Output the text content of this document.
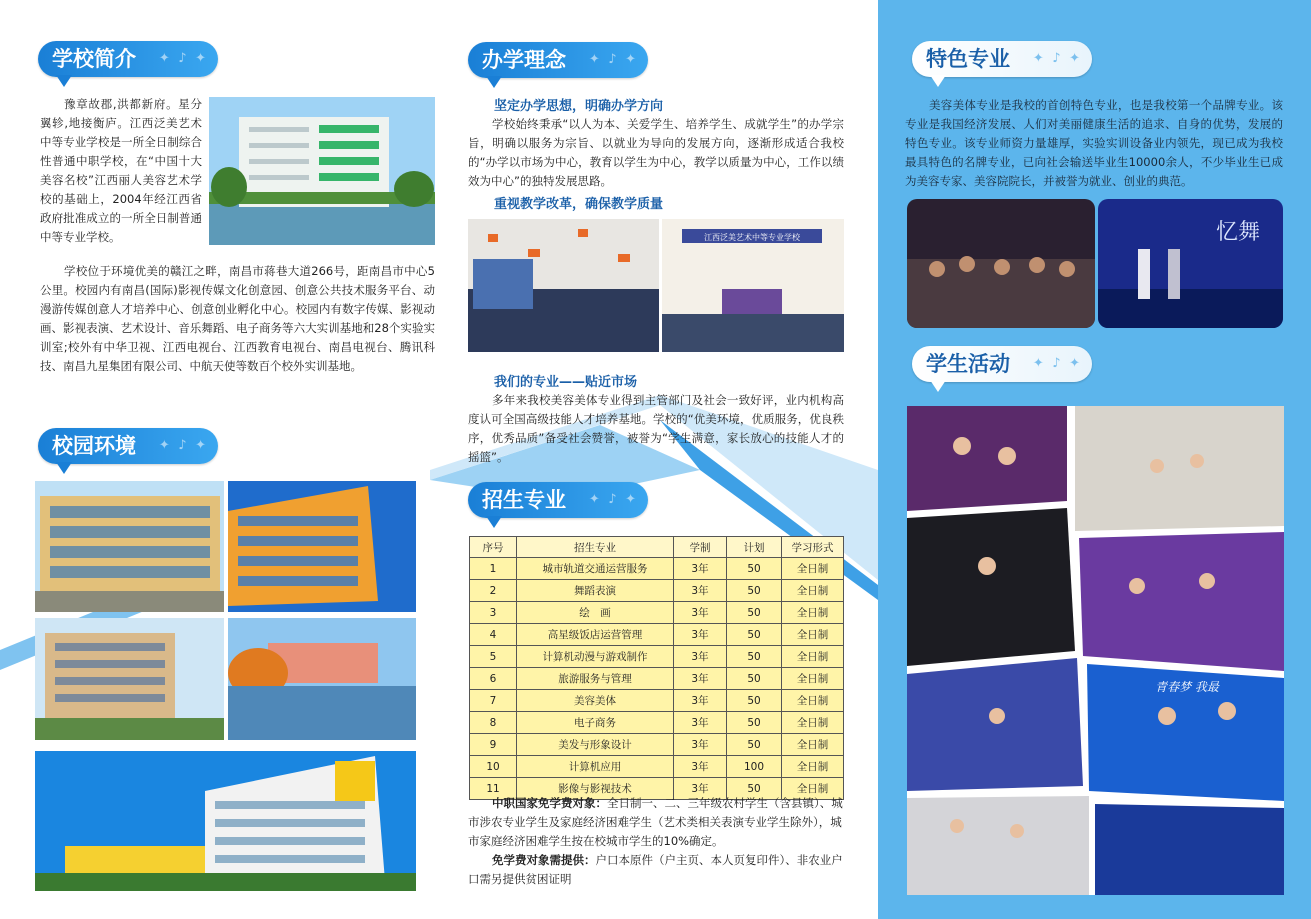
学校简介 ✦ ♪ ✦

豫章故郡,洪都新府。星分翼轸,地接衡庐。江西泛美艺术中等专业学校是一所全日制综合性普通中职学校，在“中国十大美容名校”江西丽人美容艺术学校的基础上，2004年经江西省政府批准成立的一所全日制普通中等专业学校。

学校位于环境优美的赣江之畔，南昌市蒋巷大道266号，距南昌市中心5公里。校园内有南昌(国际)影视传媒文化创意园、创意公共技术服务平台、动漫游传媒创意人才培养中心、创意创业孵化中心。校园内有数字传媒、影视动画、影视表演、艺术设计、音乐舞蹈、电子商务等六大实训基地和28个实验实训室;校外有中华卫视、江西电视台、江西教育电视台、南昌电视台、腾讯科技、南昌九星集团有限公司、中航天使等数百个校外实训基地。

校园环境 ✦ ♪ ✦
办学理念 ✦ ♪ ✦
坚定办学思想，明确办学方向

学校始终秉承“以人为本、关爱学生、培养学生、成就学生”的办学宗旨，明确以服务为宗旨、以就业为导向的发展方向，逐渐形成适合我校的“办学以市场为中心，教育以学生为中心，教学以质量为中心，工作以绩效为中心”的独特发展思路。

重视教学改革，确保教学质量
江西泛美艺术中等专业学校
我们的专业——贴近市场

多年来我校美容美体专业得到主管部门及社会一致好评，业内机构高度认可全国高级技能人才培养基地。学校的“优美环境，优质服务，优良秩序，优秀品质”备受社会赞誉，被誉为“学生满意，家长放心的技能人才的摇篮”。

招生专业 ✦ ♪ ✦
序号	招生专业	学制	计划	学习形式
1	城市轨道交通运营服务	3年	50	全日制
2	舞蹈表演	3年	50	全日制
3	绘　画	3年	50	全日制
4	高星级饭店运营管理	3年	50	全日制
5	计算机动漫与游戏制作	3年	50	全日制
6	旅游服务与管理	3年	50	全日制
7	美容美体	3年	50	全日制
8	电子商务	3年	50	全日制
9	美发与形象设计	3年	50	全日制
10	计算机应用	3年	100	全日制
11	影像与影视技术	3年	50	全日制
中职国家免学费对象：全日制一、二、三年级农村学生（含县镇）、城市涉农专业学生及家庭经济困难学生（艺术类相关表演专业学生除外），城市家庭经济困难学生按在校城市学生的10%确定。
免学费对象需提供：户口本原件（户主页、本人页复印件）、非农业户口需另提供贫困证明
特色专业 ✦ ♪ ✦

美容美体专业是我校的首创特色专业，也是我校第一个品牌专业。该专业是我国经济发展、人们对美丽健康生活的追求、自身的优势，发展的特色专业。该专业师资力量雄厚，实验实训设备业内领先，现已成为我校最具特色的名牌专业，已向社会输送毕业生10000余人，不少毕业生已成为美容专家、美容院院长，并被誉为就业、创业的典范。

忆舞
学生活动 ✦ ♪ ✦
青春梦 我最
